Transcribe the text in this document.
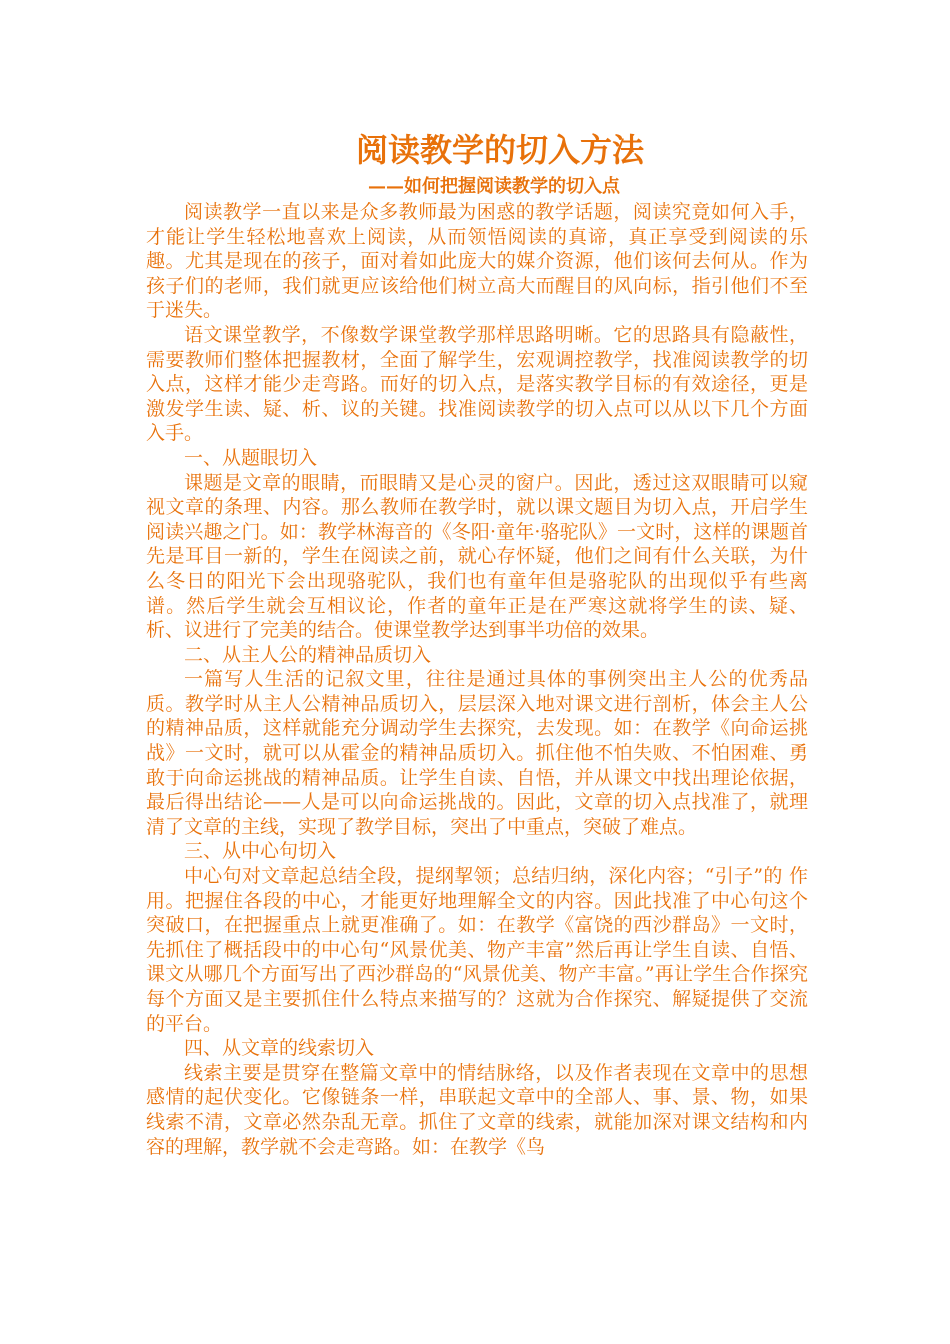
阅读教学的切入方法
——如何把握阅读教学的切入点

阅读教学一直以来是众多教师最为困惑的教学话题，阅读究竟如何入手，才能让学生轻松地喜欢上阅读，从而领悟阅读的真谛，真正享受到阅读的乐趣。尤其是现在的孩子，面对着如此庞大的媒介资源，他们该何去何从。作为孩子们的老师，我们就更应该给他们树立高大而醒目的风向标，指引他们不至于迷失。

语文课堂教学，不像数学课堂教学那样思路明晰。它的思路具有隐蔽性，需要教师们整体把握教材，全面了解学生，宏观调控教学，找准阅读教学的切入点，这样才能少走弯路。而好的切入点，是落实教学目标的有效途径，更是激发学生读、疑、析、议的关键。找准阅读教学的切入点可以从以下几个方面入手。

一、从题眼切入

课题是文章的眼睛，而眼睛又是心灵的窗户。因此，透过这双眼睛可以窥视文章的条理、内容。那么教师在教学时，就以课文题目为切入点，开启学生阅读兴趣之门。如：教学林海音的《冬阳·童年·骆驼队》一文时，这样的课题首先是耳目一新的，学生在阅读之前，就心存怀疑，他们之间有什么关联，为什么冬日的阳光下会出现骆驼队，我们也有童年但是骆驼队的出现似乎有些离谱。然后学生就会互相议论，作者的童年正是在严寒这就将学生的读、疑、析、议进行了完美的结合。使课堂教学达到事半功倍的效果。

二、从主人公的精神品质切入

一篇写人生活的记叙文里，往往是通过具体的事例突出主人公的优秀品质。教学时从主人公精神品质切入，层层深入地对课文进行剖析，体会主人公的精神品质，这样就能充分调动学生去探究，去发现。如：在教学《向命运挑战》一文时，就可以从霍金的精神品质切入。抓住他不怕失败、不怕困难、勇敢于向命运挑战的精神品质。让学生自读、自悟，并从课文中找出理论依据，最后得出结论——人是可以向命运挑战的。因此，文章的切入点找准了，就理清了文章的主线，实现了教学目标，突出了中重点，突破了难点。

三、从中心句切入

中心句对文章起总结全段，提纲挈领；总结归纳，深化内容；“引子”的 作用。把握住各段的中心，才能更好地理解全文的内容。因此找准了中心句这个突破口，在把握重点上就更准确了。如：在教学《富饶的西沙群岛》一文时，先抓住了概括段中的中心句“风景优美、物产丰富”然后再让学生自读、自悟、课文从哪几个方面写出了西沙群岛的“风景优美、物产丰富。”再让学生合作探究每个方面又是主要抓住什么特点来描写的？这就为合作探究、解疑提供了交流的平台。

四、从文章的线索切入

线索主要是贯穿在整篇文章中的情结脉络，以及作者表现在文章中的思想感情的起伏变化。它像链条一样，串联起文章中的全部人、事、景、物，如果线索不清，文章必然杂乱无章。抓住了文章的线索，就能加深对课文结构和内容的理解，教学就不会走弯路。如：在教学《鸟
